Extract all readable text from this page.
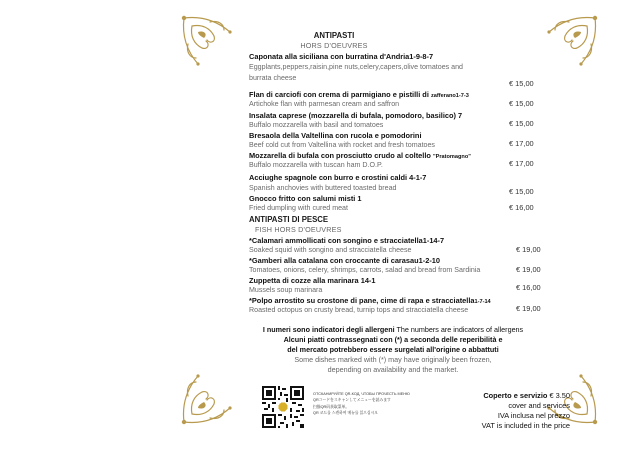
ANTIPASTI
HORS D'OEUVRES
Caponata alla siciliana con burratina d'Andria1-9-8-7
Eggplants,peppers,raisin,pine nuts,celery,capers,olive tomatoes and
burrata cheese
€ 15,00
Flan di carciofi con crema di parmigiano e pistilli di zafferano1-7-3
Artichoke flan with parmesan cream and saffron	€ 15,00
Insalata caprese (mozzarella di bufala, pomodoro, basilico) 7
Buffalo mozzarella with basil and tomatoes	€ 15,00
Bresaola della Valtellina con rucola e pomodorini
Beef cold cut from Valtellina with rocket and fresh tomatoes	€ 17,00
Mozzarella di bufala con prosciutto crudo al coltello "Pratomagno"
Buffalo mozzarella with tuscan ham D.O.P.	€ 17,00
Acciughe spagnole con burro e crostini caldi 4-1-7
Spanish anchovies with buttered toasted bread	€ 15,00
Gnocco fritto con salumi misti 1
Fried dumpling with cured meat	€ 16,00
ANTIPASTI DI PESCE
FISH HORS D'OEUVRES
*Calamari ammollicati con songino e stracciatella1-14-7
Soaked squid with songino and stracciatella cheese	€ 19,00
*Gamberi alla catalana con croccante di carasau1-2-10
Tomatoes, onions, celery, shrimps, carrots, salad and bread from Sardinia	€ 19,00
Zuppetta di cozze alla marinara 14-1
Mussels soup marinara	€ 16,00
*Polpo arrostito su crostone di pane, cime di rapa e stracciatella1-7-14
Roasted octopus on crusty bread, turnip tops and stracciatella cheese	€ 19,00
I numeri sono indicatori degli allergeni The numbers are indicators of allergens
Alcuni piatti contrassegnati con (*) a seconda delle reperibilità e
del mercato potrebbero essere surgelati all'origine o abbattuti
Some dishes marked with (*) may have originally been frozen,
depending on availability and the market.
ОТСКАНИРУЙТЕ QR-КОД, ЧТОБЫ ПРОЧЕСТЬ МЕНЮ
QRコードをスキャンしてメニューを読みます
扫描QR码获取菜单。
QR 코드를 스캔하여 메뉴를 읽으십시오
Coperto e servizio € 3.50
cover and services
IVA inclusa nel prezzo
VAT is included in the price
